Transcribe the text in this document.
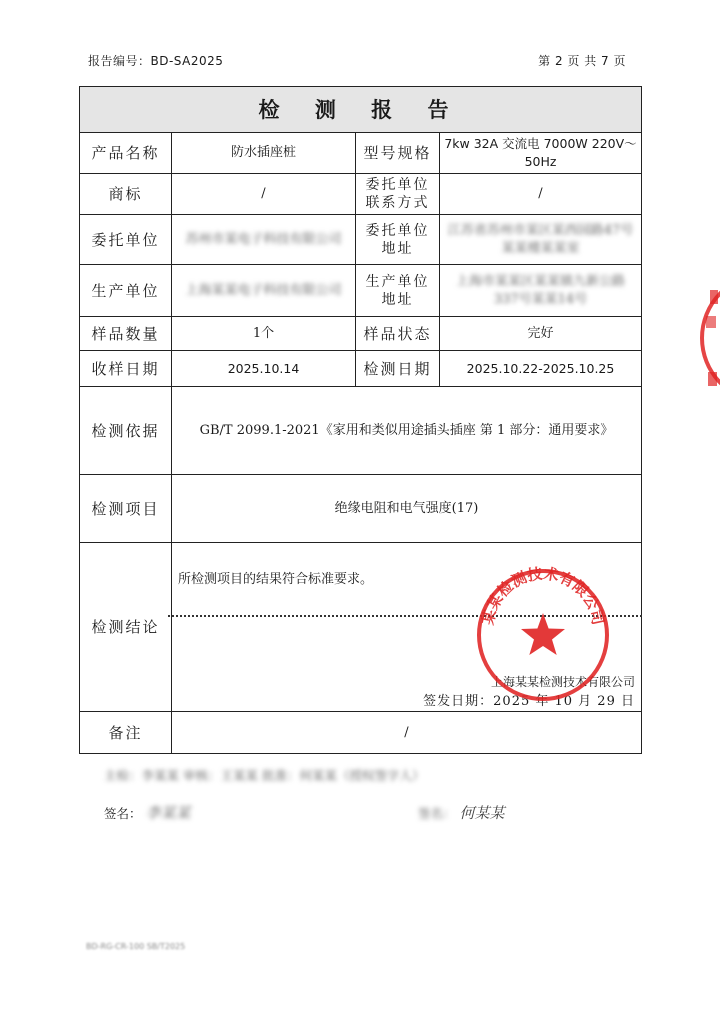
报告编号：BD-SA2025	第 2 页 共 7 页
检 测 报 告			
产品名称	防水插座桩	型号规格	7kw 32A 交流电 7000W 220V～50Hz
商标	/	委托单位联系方式	/
委托单位	苏州市某电子科技有限公司	委托单位地址	江苏省苏州市某区某西园路47号某某楼某某室
生产单位	上海某某电子科技有限公司	生产单位地址	上海市某某区某某镇九新公路337号某某14号
样品数量	1个	样品状态	完好
收样日期	2025.10.14	检测日期	2025.10.22-2025.10.25
检测依据	GB/T 2099.1-2021《家用和类似用途插头插座 第 1 部分：通用要求》		
检测项目	绝缘电阻和电气强度(17)		
检测结论	所检测项目的结果符合标准要求。
上海某某检测技术有限公司
签发日期：2025 年 10 月 29 日		

备注	/		
某某检测技术有限公司
主检：李某某 审核：王某某 批准：何某某（授权签字人）
签名： 李某某	签名： 何某某
BD-RG-CR-100 SB/T2025
